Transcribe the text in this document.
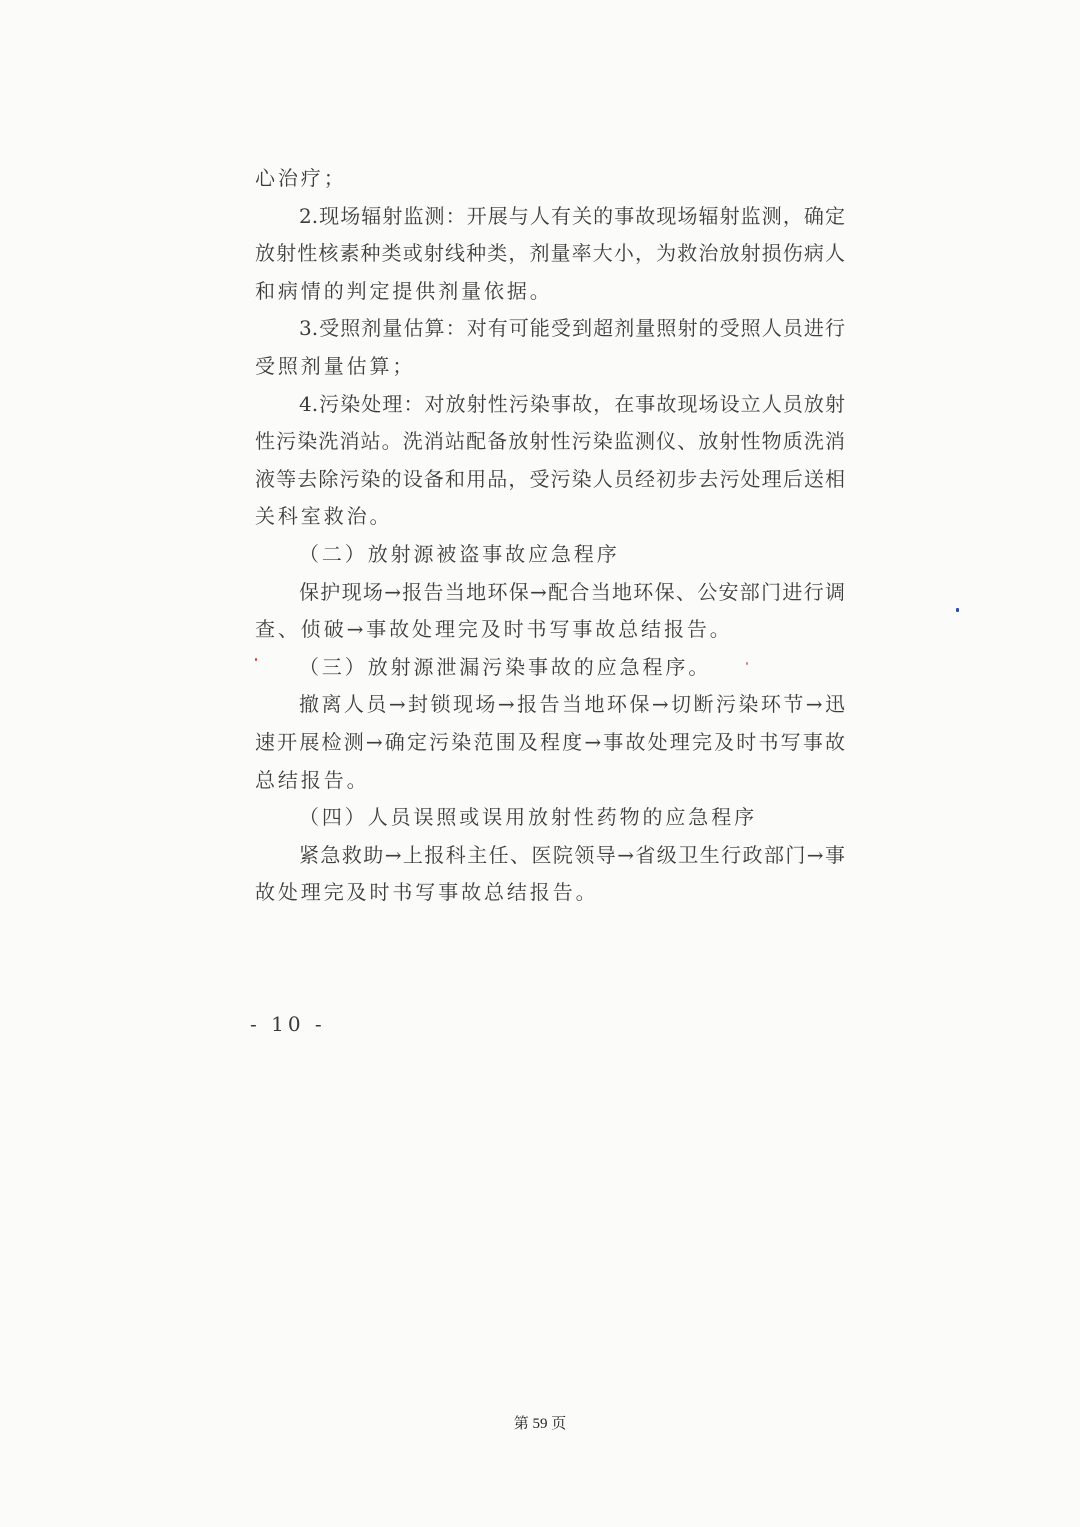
心治疗；
2.现场辐射监测：开展与人有关的事故现场辐射监测，确定
放射性核素种类或射线种类，剂量率大小，为救治放射损伤病人
和病情的判定提供剂量依据。
3.受照剂量估算：对有可能受到超剂量照射的受照人员进行
受照剂量估算；
4.污染处理：对放射性污染事故，在事故现场设立人员放射
性污染洗消站。洗消站配备放射性污染监测仪、放射性物质洗消
液等去除污染的设备和用品，受污染人员经初步去污处理后送相
关科室救治。
（二）放射源被盗事故应急程序
保护现场→报告当地环保→配合当地环保、公安部门进行调
查、侦破→事故处理完及时书写事故总结报告。
（三）放射源泄漏污染事故的应急程序。
撤离人员→封锁现场→报告当地环保→切断污染环节→迅
速开展检测→确定污染范围及程度→事故处理完及时书写事故
总结报告。
（四）人员误照或误用放射性药物的应急程序
紧急救助→上报科主任、医院领导→省级卫生行政部门→事
故处理完及时书写事故总结报告。
- 10 -
第 59 页
